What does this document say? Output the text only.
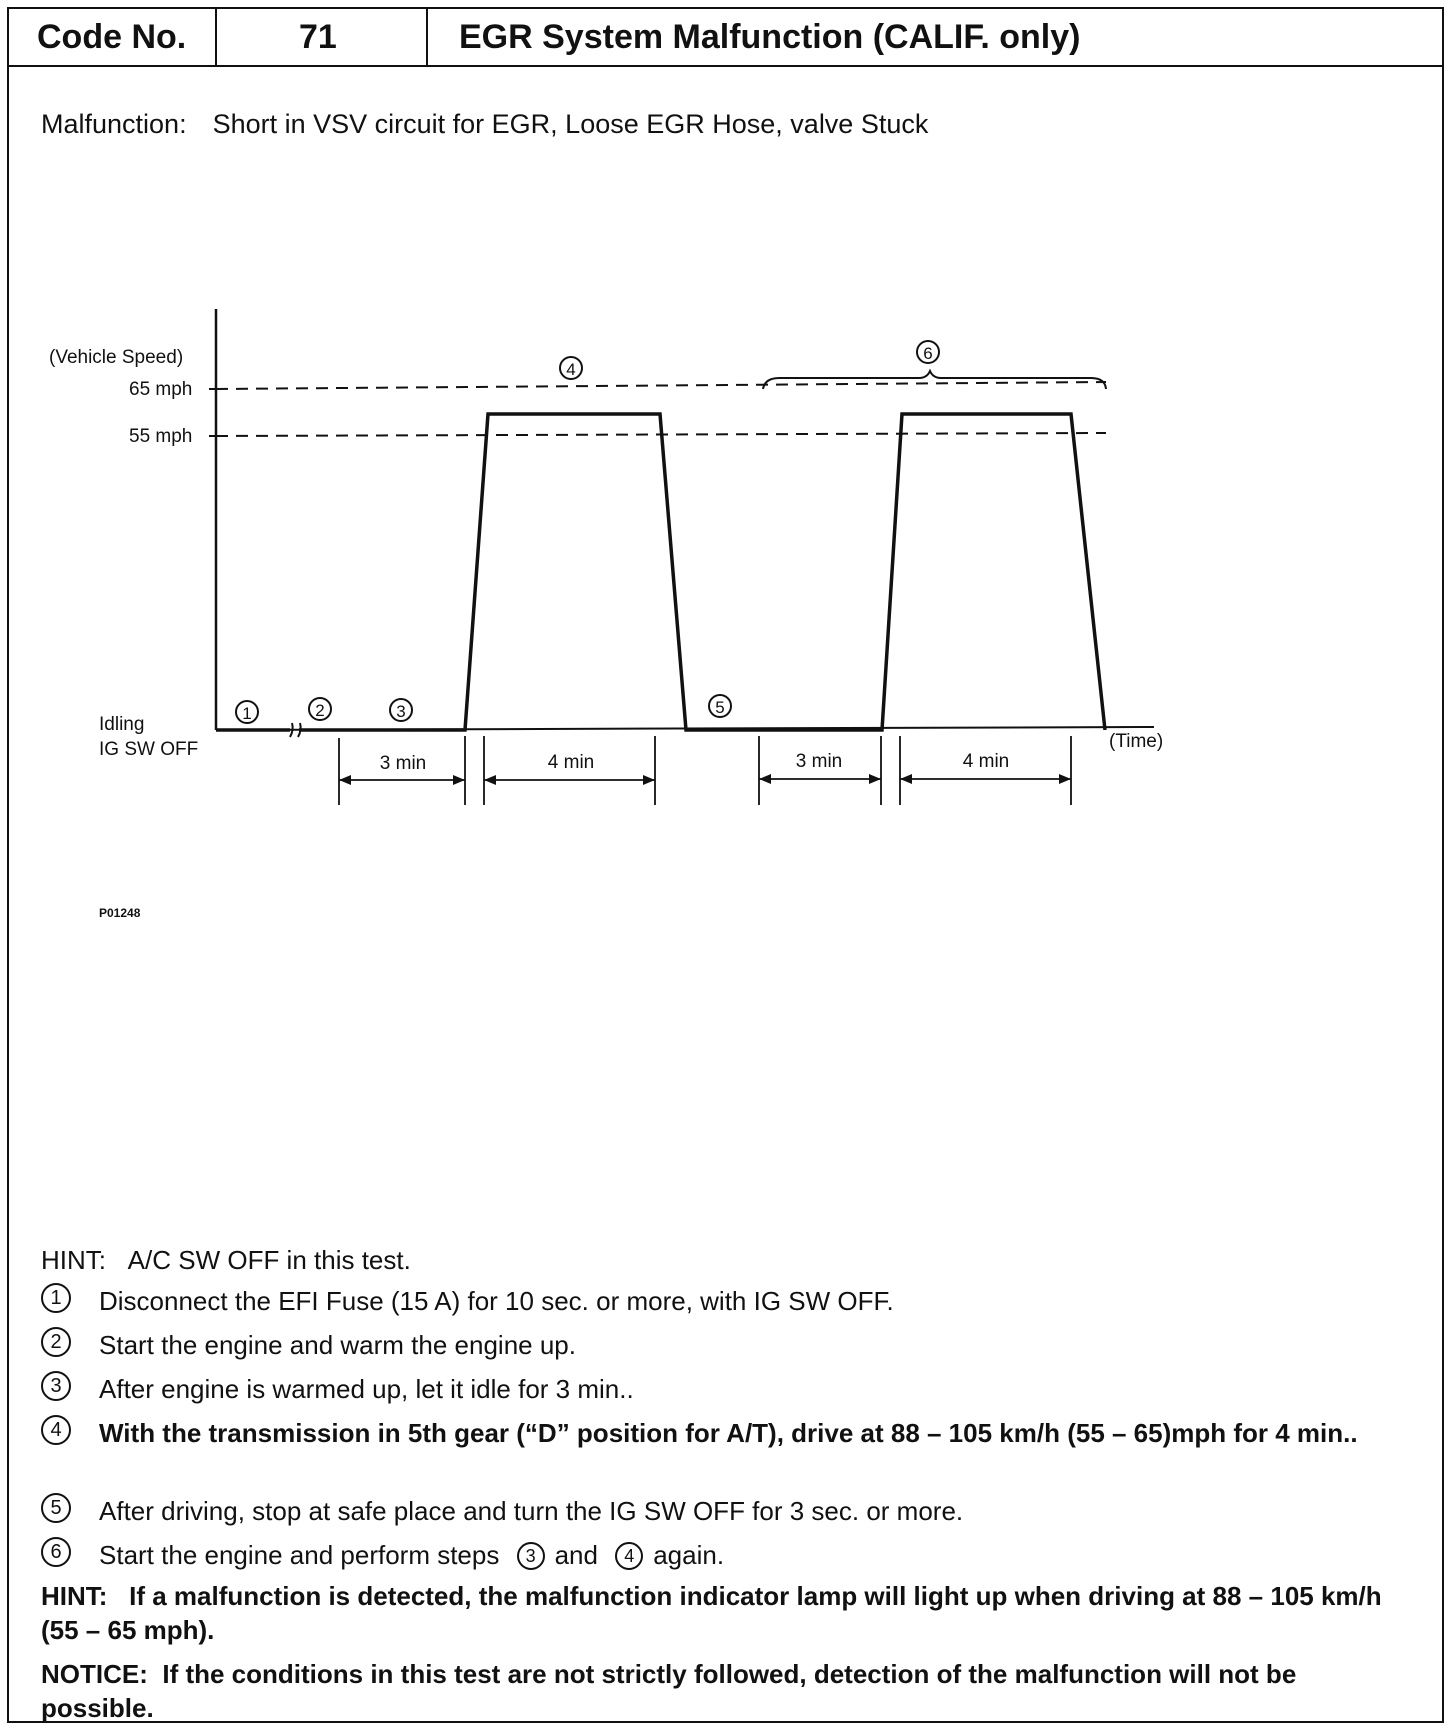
Code No.	71	EGR System Malfunction (CALIF. only)
Malfunction: Short in VSV circuit for EGR, Loose EGR Hose, valve Stuck
(Vehicle Speed)
65 mph
55 mph
Idling
IG SW OFF	(Time)
1	2	3
4
5
6
3 min	4 min	3 min	4 min
P01248
HINT: A/C SW OFF in this test.
1	Disconnect the EFI Fuse (15 A) for 10 sec. or more, with IG SW OFF.
2	Start the engine and warm the engine up.
3	After engine is warmed up, let it idle for 3 min..
4	With the transmission in 5th gear (“D” position for A/T), drive at 88 – 105 km/h (55 – 65)mph for 4 min..
5	After driving, stop at safe place and turn the IG SW OFF for 3 sec. or more.
6	Start the engine and perform steps 3 and 4 again.
HINT: If a malfunction is detected, the malfunction indicator lamp will light up when driving at 88 – 105 km/h (55 – 65 mph).
NOTICE: If the conditions in this test are not strictly followed, detection of the malfunction will not be possible.
